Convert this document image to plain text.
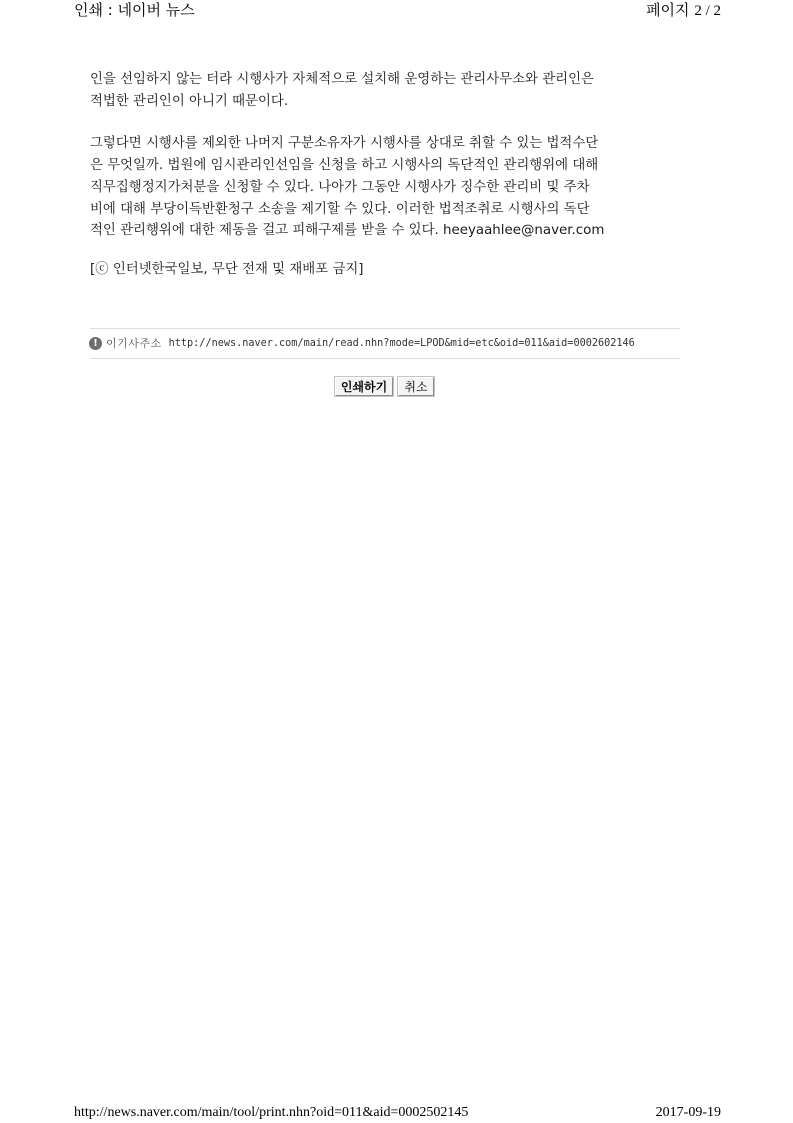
인쇄 : 네이버 뉴스	페이지 2 / 2

인을 선임하지 않는 터라 시행사가 자체적으로 설치해 운영하는 관리사무소와 관리인은

적법한 관리인이 아니기 때문이다.

그렇다면 시행사를 제외한 나머지 구분소유자가 시행사를 상대로 취할 수 있는 법적수단

은 무엇일까. 법원에 임시관리인선임을 신청을 하고 시행사의 독단적인 관리행위에 대해

직무집행정지가처분을 신청할 수 있다. 나아가 그동안 시행사가 징수한 관리비 및 주차

비에 대해 부당이득반환청구 소송을 제기할 수 있다. 이러한 법적조취로 시행사의 독단

적인 관리행위에 대한 제동을 걸고 피해구제를 받을 수 있다. heeyaahlee@naver.com

[ⓒ 인터넷한국일보, 무단 전재 및 재배포 금지]
! 이기사주소 http://news.naver.com/main/read.nhn?mode=LPOD&mid=etc&oid=011&aid=0002602146
인쇄하기	취소
http://news.naver.com/main/tool/print.nhn?oid=011&aid=0002502145	2017-09-19
